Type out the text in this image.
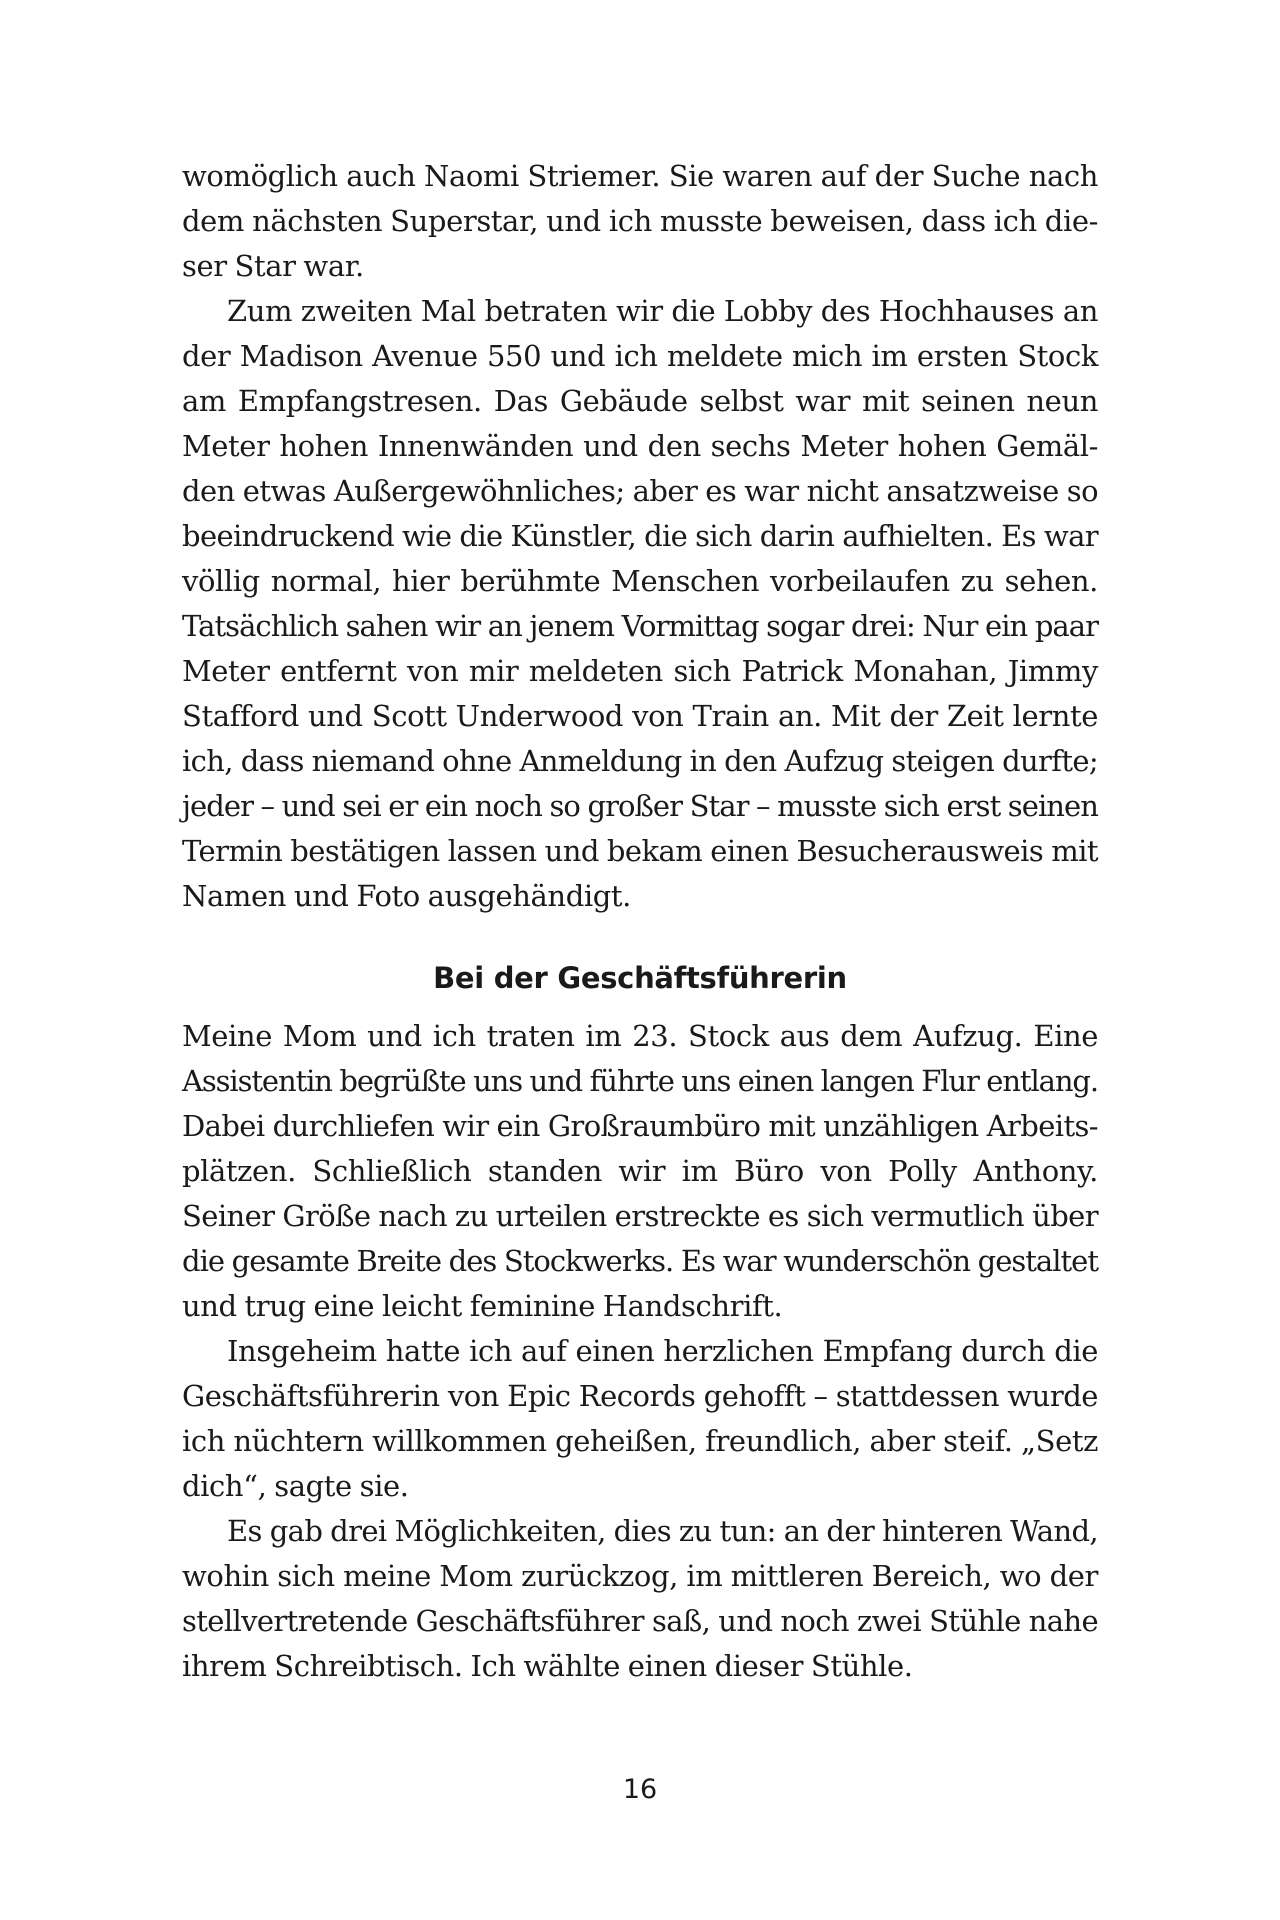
womöglich auch Naomi Striemer. Sie waren auf der Suche nach
dem nächsten Superstar, und ich musste beweisen, dass ich die-
ser Star war.
Zum zweiten Mal betraten wir die Lobby des Hochhauses an
der Madison Avenue 550 und ich meldete mich im ersten Stock
am Empfangstresen. Das Gebäude selbst war mit seinen neun
Meter hohen Innenwänden und den sechs Meter hohen Gemäl-
den etwas Außergewöhnliches; aber es war nicht ansatzweise so
beeindruckend wie die Künstler, die sich darin aufhielten. Es war
völlig normal, hier berühmte Menschen vorbeilaufen zu sehen.
Tatsächlich sahen wir an jenem Vormittag sogar drei: Nur ein paar
Meter entfernt von mir meldeten sich Patrick Monahan, Jimmy
Stafford und Scott Underwood von Train an. Mit der Zeit lernte
ich, dass niemand ohne Anmeldung in den Aufzug steigen durfte;
jeder – und sei er ein noch so großer Star – musste sich erst seinen
Termin bestätigen lassen und bekam einen Besucherausweis mit
Namen und Foto ausgehändigt.
Bei der Geschäftsführerin
Meine Mom und ich traten im 23. Stock aus dem Aufzug. Eine
Assistentin begrüßte uns und führte uns einen langen Flur entlang.
Dabei durchliefen wir ein Großraumbüro mit unzähligen Arbeits-
plätzen. Schließlich standen wir im Büro von Polly Anthony.
Seiner Größe nach zu urteilen erstreckte es sich vermutlich über
die gesamte Breite des Stockwerks. Es war wunderschön gestaltet
und trug eine leicht feminine Handschrift.
Insgeheim hatte ich auf einen herzlichen Empfang durch die
Geschäftsführerin von Epic Records gehofft – stattdessen wurde
ich nüchtern willkommen geheißen, freundlich, aber steif. „Setz
dich“, sagte sie.
Es gab drei Möglichkeiten, dies zu tun: an der hinteren Wand,
wohin sich meine Mom zurückzog, im mittleren Bereich, wo der
stellvertretende Geschäftsführer saß, und noch zwei Stühle nahe
ihrem Schreibtisch. Ich wählte einen dieser Stühle.
16
